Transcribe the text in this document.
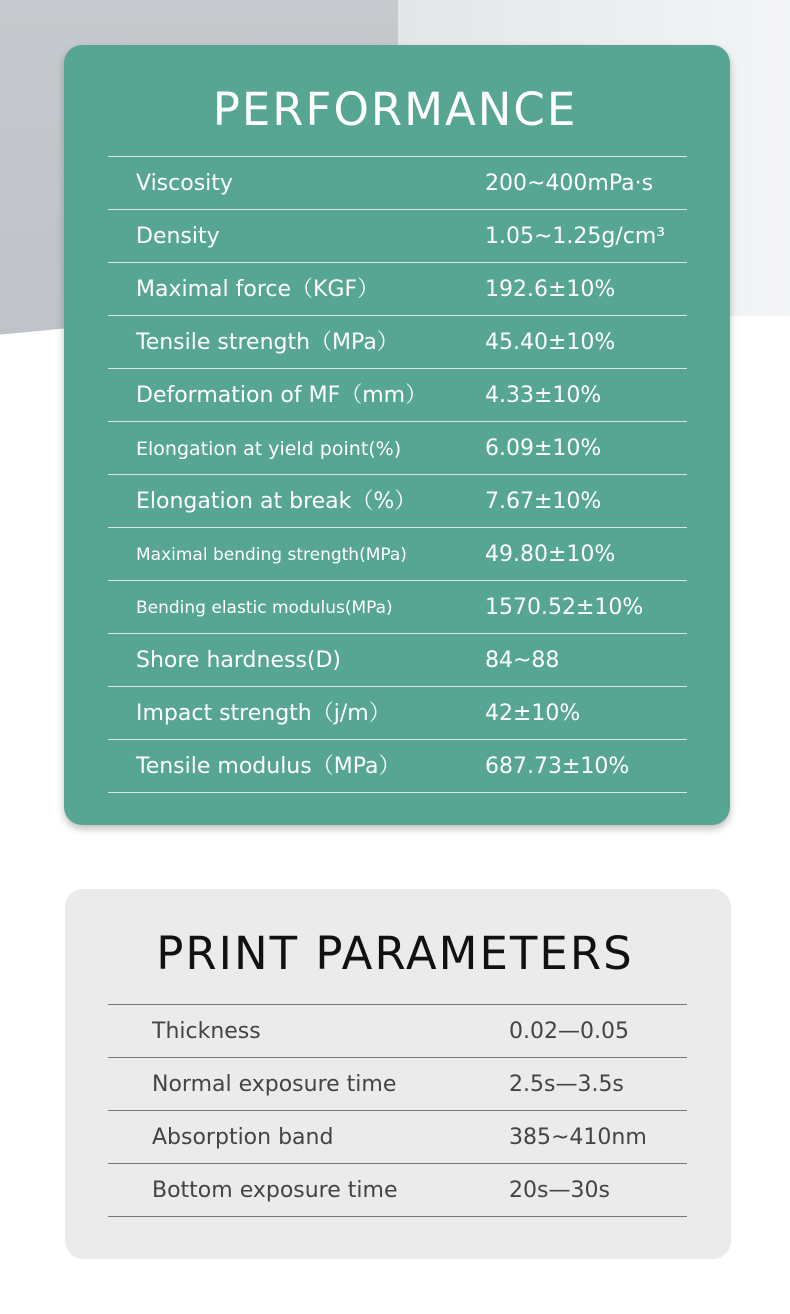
PERFORMANCE
Viscosity	200~400mPa·s
Density	1.05~1.25g/cm³
Maximal force（KGF）	192.6±10%
Tensile strength（MPa）	45.40±10%
Deformation of MF（mm）	4.33±10%
Elongation at yield point(%)	6.09±10%
Elongation at break（%）	7.67±10%
Maximal bending strength(MPa)	49.80±10%
Bending elastic modulus(MPa)	1570.52±10%
Shore hardness(D)	84~88
Impact strength（j/m）	42±10%
Tensile modulus（MPa）	687.73±10%
PRINT PARAMETERS
Thickness	0.02—0.05
Normal exposure time	2.5s—3.5s
Absorption band	385~410nm
Bottom exposure time	20s—30s
